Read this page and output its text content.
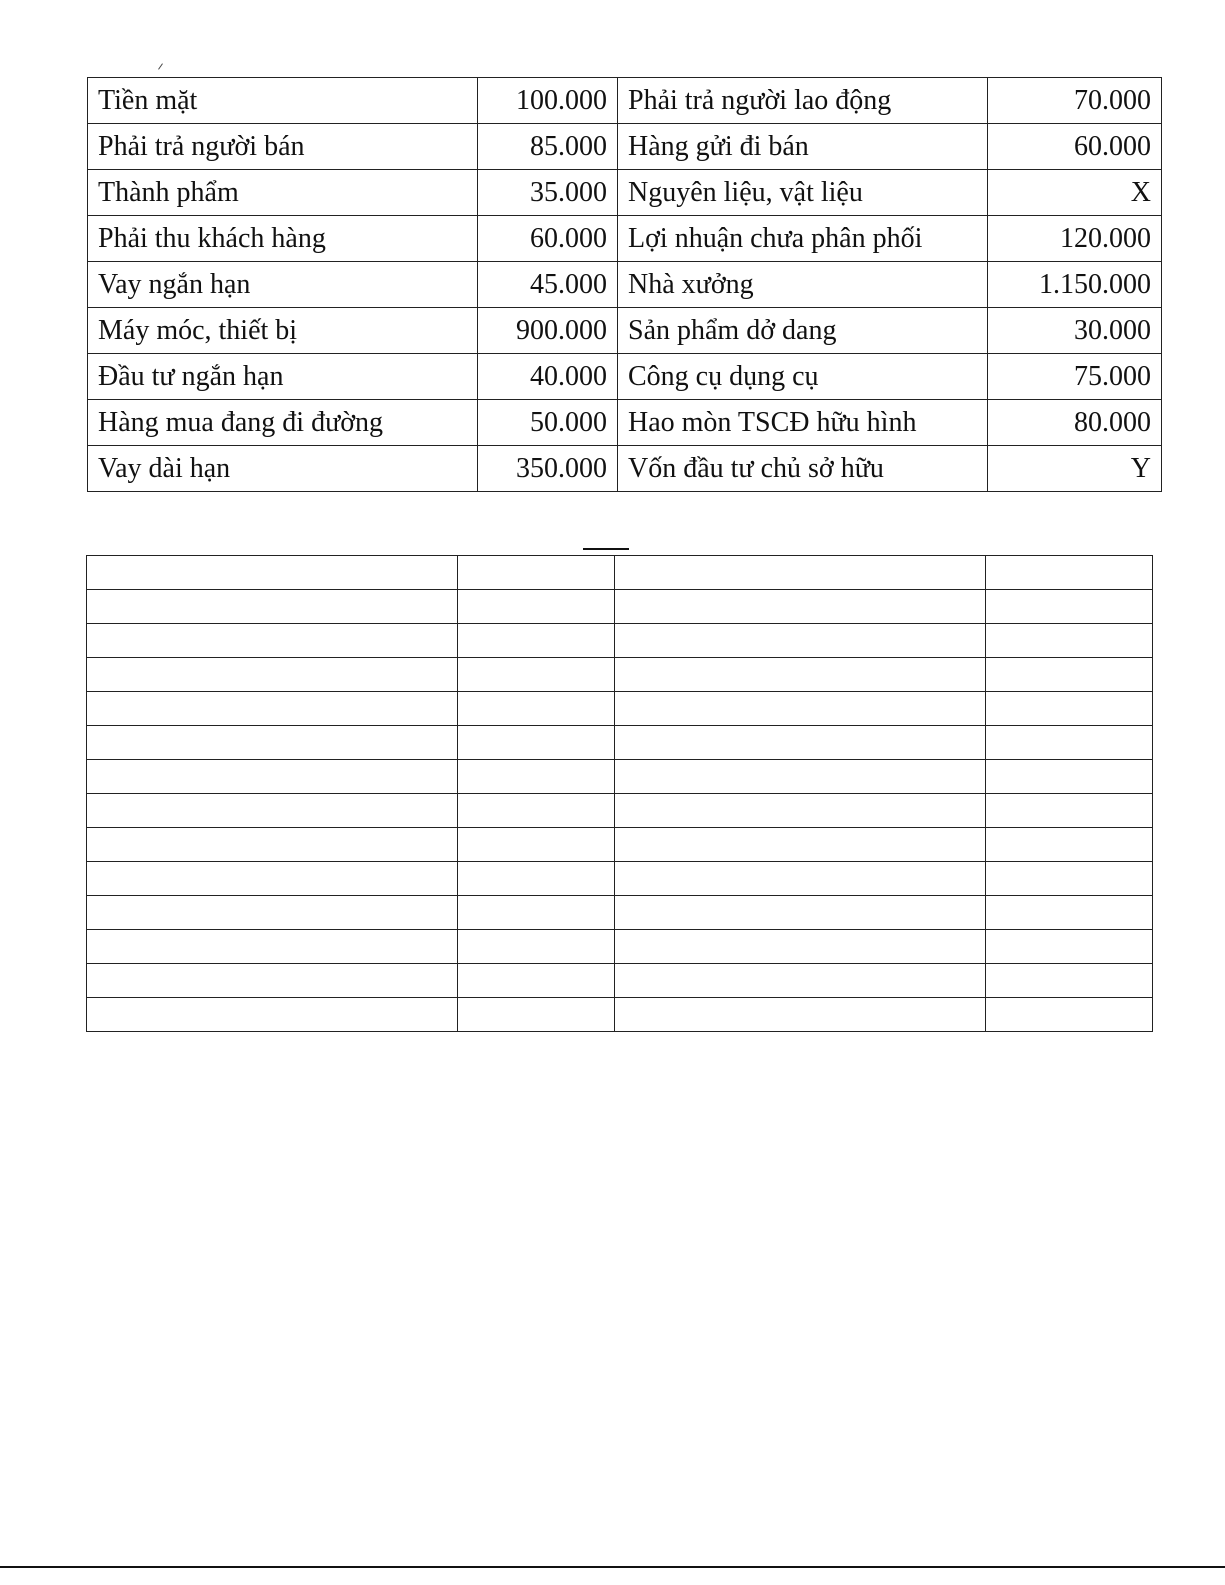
Tiền mặt	100.000	Phải trả người lao động	70.000
Phải trả người bán	85.000	Hàng gửi đi bán	60.000
Thành phẩm	35.000	Nguyên liệu, vật liệu	X
Phải thu khách hàng	60.000	Lợi nhuận chưa phân phối	120.000
Vay ngắn hạn	45.000	Nhà xưởng	1.150.000
Máy móc, thiết bị	900.000	Sản phẩm dở dang	30.000
Đầu tư ngắn hạn	40.000	Công cụ dụng cụ	75.000
Hàng mua đang đi đường	50.000	Hao mòn TSCĐ hữu hình	80.000
Vay dài hạn	350.000	Vốn đầu tư chủ sở hữu	Y
